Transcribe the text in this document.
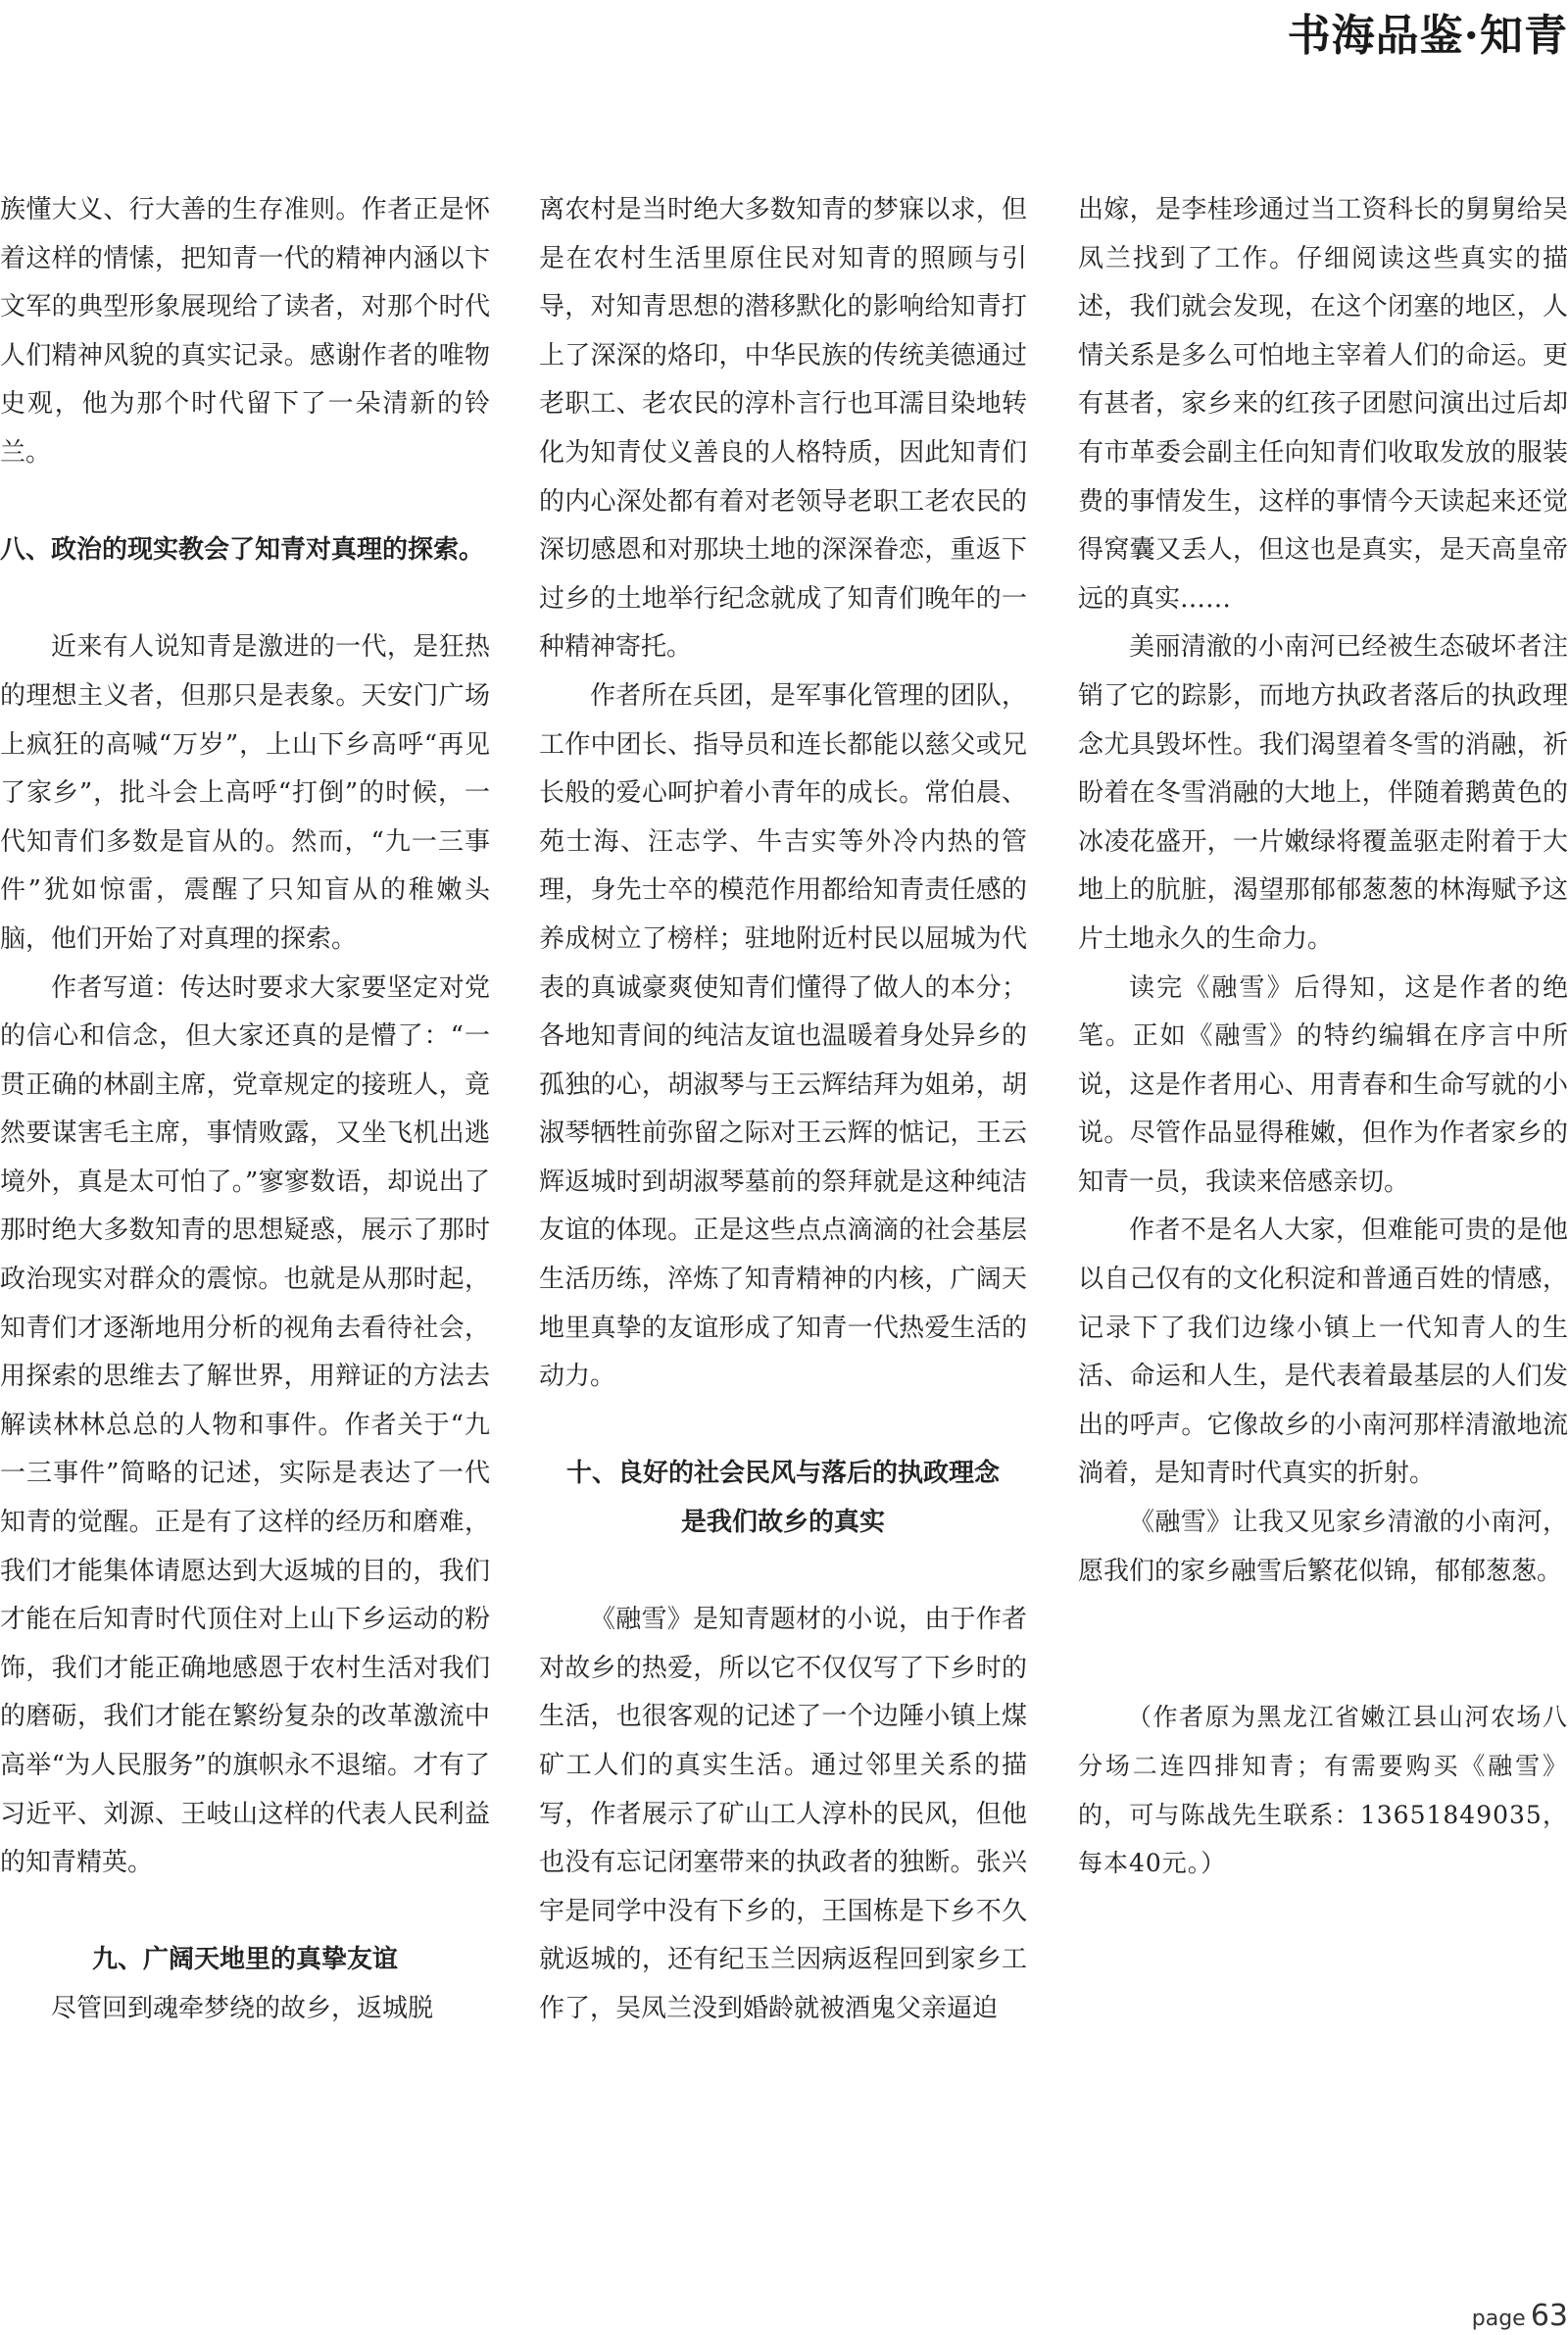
书海品鉴·知青

族懂大义、行大善的生存准则。作者正是怀着这样的情愫，把知青一代的精神内涵以卞文军的典型形象展现给了读者，对那个时代人们精神风貌的真实记录。感谢作者的唯物史观，他为那个时代留下了一朵清新的铃兰。

八、政治的现实教会了知青对真理的探索。

近来有人说知青是激进的一代，是狂热的理想主义者，但那只是表象。天安门广场上疯狂的高喊“万岁”，上山下乡高呼“再见了家乡”，批斗会上高呼“打倒”的时候，一代知青们多数是盲从的。然而，“九一三事件”犹如惊雷，震醒了只知盲从的稚嫩头脑，他们开始了对真理的探索。

作者写道：传达时要求大家要坚定对党的信心和信念，但大家还真的是懵了：“一贯正确的林副主席，党章规定的接班人，竟然要谋害毛主席，事情败露，又坐飞机出逃境外，真是太可怕了。”寥寥数语，却说出了那时绝大多数知青的思想疑惑，展示了那时政治现实对群众的震惊。也就是从那时起，知青们才逐渐地用分析的视角去看待社会，用探索的思维去了解世界，用辩证的方法去解读林林总总的人物和事件。作者关于“九一三事件”简略的记述，实际是表达了一代知青的觉醒。正是有了这样的经历和磨难，我们才能集体请愿达到大返城的目的，我们才能在后知青时代顶住对上山下乡运动的粉饰，我们才能正确地感恩于农村生活对我们的磨砺，我们才能在繁纷复杂的改革激流中高举“为人民服务”的旗帜永不退缩。才有了习近平、刘源、王岐山这样的代表人民利益的知青精英。

九、广阔天地里的真挚友谊

尽管回到魂牵梦绕的故乡，返城脱

离农村是当时绝大多数知青的梦寐以求，但是在农村生活里原住民对知青的照顾与引导，对知青思想的潜移默化的影响给知青打上了深深的烙印，中华民族的传统美德通过老职工、老农民的淳朴言行也耳濡目染地转化为知青仗义善良的人格特质，因此知青们的内心深处都有着对老领导老职工老农民的深切感恩和对那块土地的深深眷恋，重返下过乡的土地举行纪念就成了知青们晚年的一种精神寄托。

作者所在兵团，是军事化管理的团队，工作中团长、指导员和连长都能以慈父或兄长般的爱心呵护着小青年的成长。常伯晨、苑士海、汪志学、牛吉实等外冷内热的管理，身先士卒的模范作用都给知青责任感的养成树立了榜样；驻地附近村民以屈城为代表的真诚豪爽使知青们懂得了做人的本分；各地知青间的纯洁友谊也温暖着身处异乡的孤独的心，胡淑琴与王云辉结拜为姐弟，胡淑琴牺牲前弥留之际对王云辉的惦记，王云辉返城时到胡淑琴墓前的祭拜就是这种纯洁友谊的体现。正是这些点点滴滴的社会基层生活历练，淬炼了知青精神的内核，广阔天地里真挚的友谊形成了知青一代热爱生活的动力。

十、良好的社会民风与落后的执政理念

是我们故乡的真实

《融雪》是知青题材的小说，由于作者对故乡的热爱，所以它不仅仅写了下乡时的生活，也很客观的记述了一个边陲小镇上煤矿工人们的真实生活。通过邻里关系的描写，作者展示了矿山工人淳朴的民风，但他也没有忘记闭塞带来的执政者的独断。张兴宇是同学中没有下乡的，王国栋是下乡不久就返城的，还有纪玉兰因病返程回到家乡工作了，吴凤兰没到婚龄就被酒鬼父亲逼迫

出嫁，是李桂珍通过当工资科长的舅舅给吴凤兰找到了工作。仔细阅读这些真实的描述，我们就会发现，在这个闭塞的地区，人情关系是多么可怕地主宰着人们的命运。更有甚者，家乡来的红孩子团慰问演出过后却有市革委会副主任向知青们收取发放的服装费的事情发生，这样的事情今天读起来还觉得窝囊又丢人，但这也是真实，是天高皇帝远的真实……

美丽清澈的小南河已经被生态破坏者注销了它的踪影，而地方执政者落后的执政理念尤具毁坏性。我们渴望着冬雪的消融，祈盼着在冬雪消融的大地上，伴随着鹅黄色的冰凌花盛开，一片嫩绿将覆盖驱走附着于大地上的肮脏，渴望那郁郁葱葱的林海赋予这片土地永久的生命力。

读完《融雪》后得知，这是作者的绝笔。正如《融雪》的特约编辑在序言中所说，这是作者用心、用青春和生命写就的小说。尽管作品显得稚嫩，但作为作者家乡的知青一员，我读来倍感亲切。

作者不是名人大家，但难能可贵的是他以自己仅有的文化积淀和普通百姓的情感，记录下了我们边缘小镇上一代知青人的生活、命运和人生，是代表着最基层的人们发出的呼声。它像故乡的小南河那样清澈地流淌着，是知青时代真实的折射。

《融雪》让我又见家乡清澈的小南河，愿我们的家乡融雪后繁花似锦，郁郁葱葱。

（作者原为黑龙江省嫩江县山河农场八分场二连四排知青；有需要购买《融雪》的，可与陈战先生联系：13651849035，每本40元。）

page 63
